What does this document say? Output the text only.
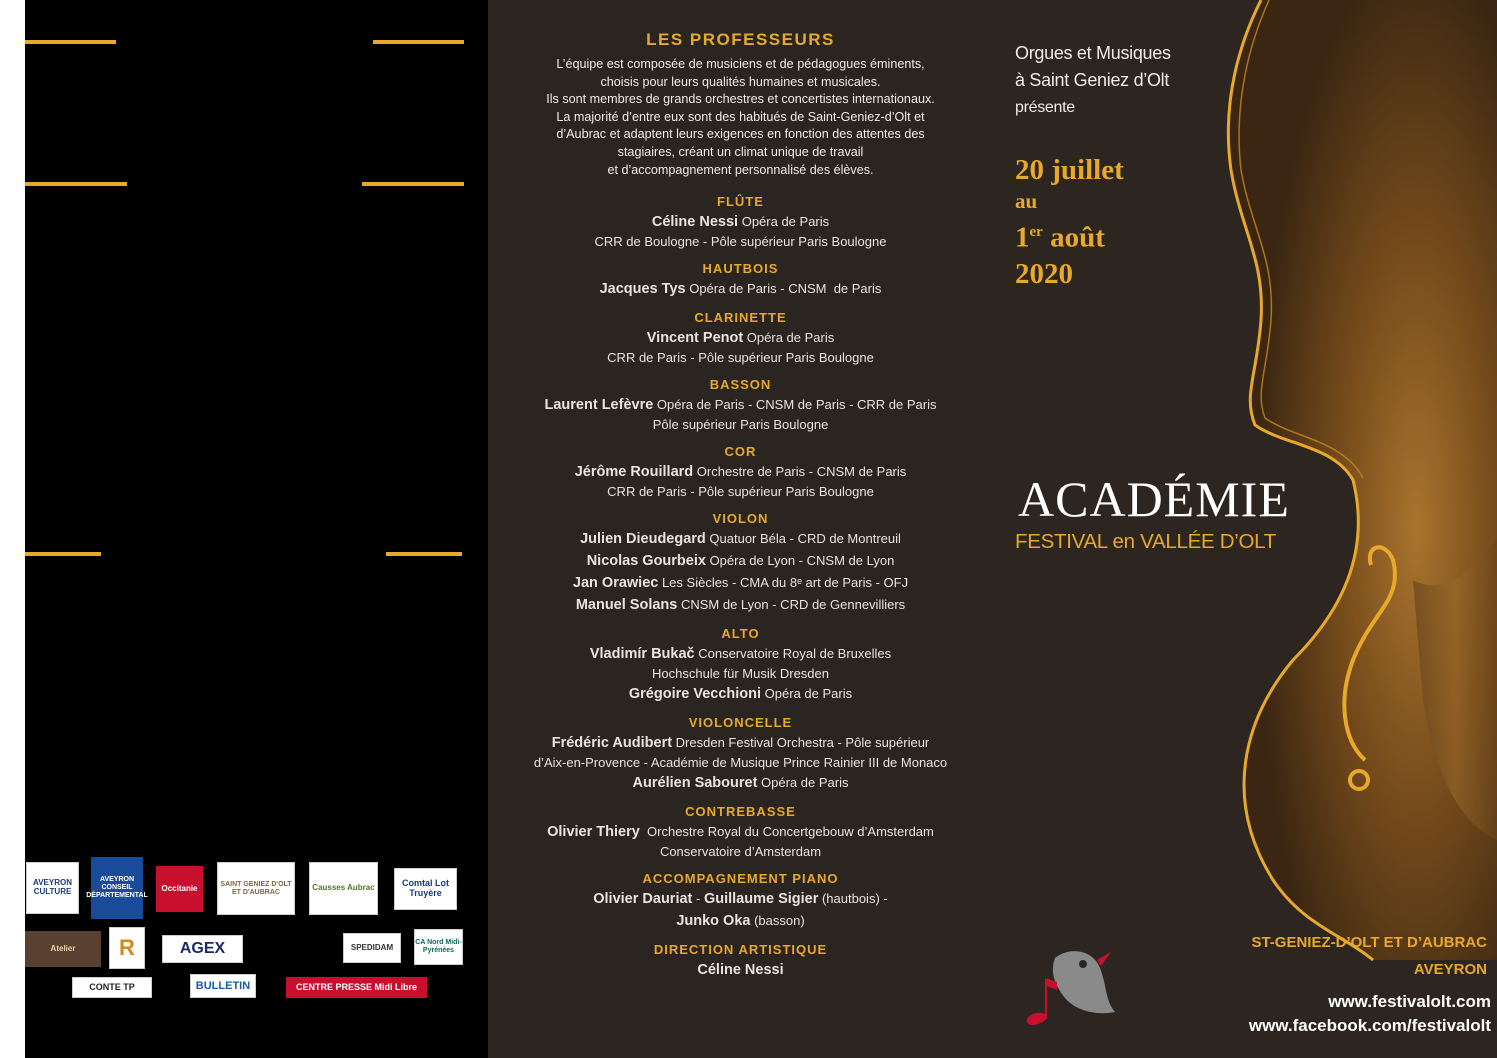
AVEYRON CULTURE
AVEYRON CONSEIL DÉPARTEMENTAL
Occitanie	SAINT GENIEZ D'OLT ET D'AUBRAC	Causses Aubrac	Comtal Lot Truyère
Atelier R	AGEX	SPEDIDAM	CA Nord Midi-Pyrénées
CONTE TP	BULLETIN	CENTRE PRESSE Midi Libre
LES PROFESSEURS
L’équipe est composée de musiciens et de pédagogues éminents,
choisis pour leurs qualités humaines et musicales.
Ils sont membres de grands orchestres et concertistes internationaux.
La majorité d’entre eux sont des habitués de Saint-Geniez-d’Olt et
d’Aubrac et adaptent leurs exigences en fonction des attentes des
stagiaires, créant un climat unique de travail
et d’accompagnement personnalisé des élèves.
FLÛTE
Céline Nessi Opéra de Paris
CRR de Boulogne - Pôle supérieur Paris Boulogne
HAUTBOIS
Jacques Tys Opéra de Paris - CNSM  de Paris
CLARINETTE
Vincent Penot Opéra de Paris
CRR de Paris - Pôle supérieur Paris Boulogne
BASSON
Laurent Lefèvre Opéra de Paris - CNSM de Paris - CRR de Paris
Pôle supérieur Paris Boulogne
COR
Jérôme Rouillard Orchestre de Paris - CNSM de Paris
CRR de Paris - Pôle supérieur Paris Boulogne
VIOLON
Julien Dieudegard Quatuor Béla - CRD de Montreuil
Nicolas Gourbeix Opéra de Lyon - CNSM de Lyon
Jan Orawiec Les Siècles - CMA du 8ᵉ art de Paris - OFJ
Manuel Solans CNSM de Lyon - CRD de Gennevilliers
ALTO
Vladimír Bukač Conservatoire Royal de Bruxelles
Hochschule für Musik Dresden
Grégoire Vecchioni Opéra de Paris
VIOLONCELLE
Frédéric Audibert Dresden Festival Orchestra - Pôle supérieur
d’Aix-en-Provence - Académie de Musique Prince Rainier III de Monaco
Aurélien Sabouret Opéra de Paris
CONTREBASSE
Olivier Thiery  Orchestre Royal du Concertgebouw d’Amsterdam
Conservatoire d’Amsterdam
ACCOMPAGNEMENT PIANO
Olivier Dauriat - Guillaume Sigier (hautbois) -
Junko Oka (basson)
DIRECTION ARTISTIQUE
Céline Nessi
Orgues et Musiques
à Saint Geniez d’Olt
présente
20 juillet
au
1er août
2020
ACADÉMIE
FESTIVAL en VALLÉE D’OLT
ST-GENIEZ-D’OLT ET D’AUBRAC
AVEYRON
www.festivalolt.com
www.facebook.com/festivalolt
